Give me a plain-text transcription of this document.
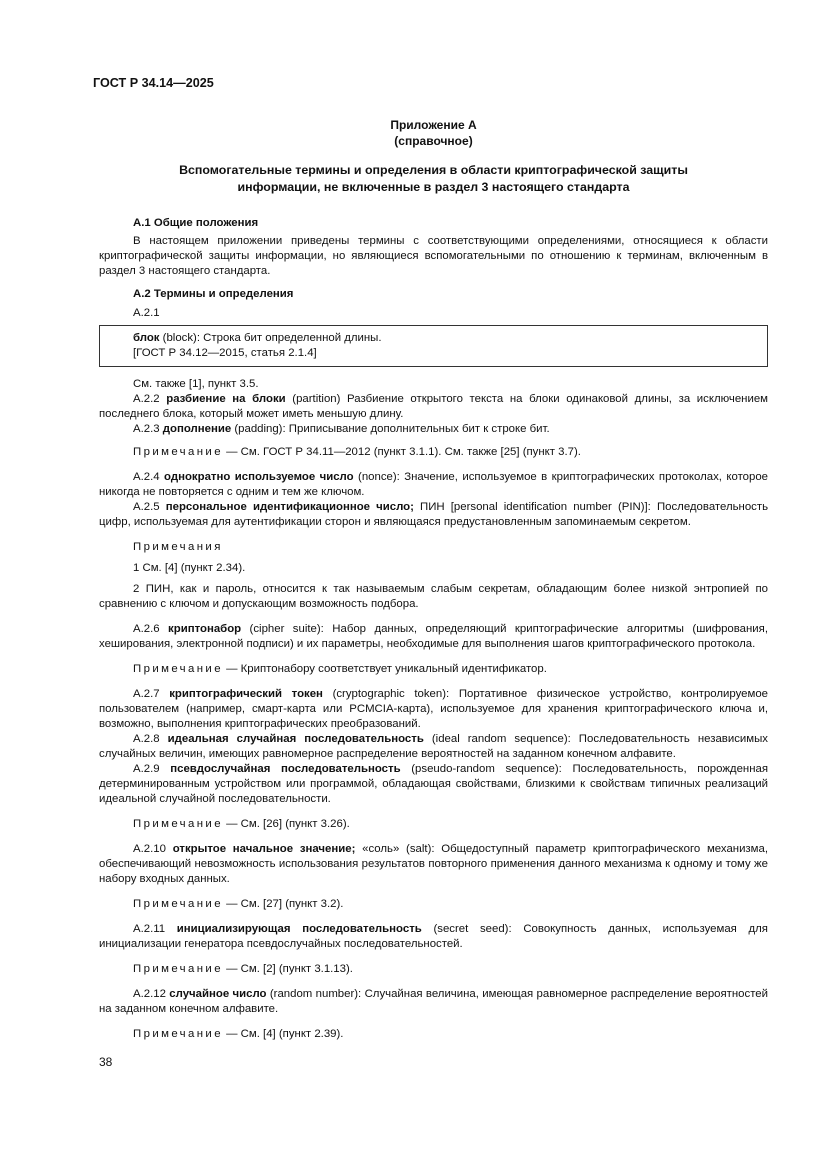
ГОСТ Р 34.14—2025
Приложение А
(справочное)
Вспомогательные термины и определения в области криптографической защиты
информации, не включенные в раздел 3 настоящего стандарта
А.1 Общие положения

В настоящем приложении приведены термины с соответствующими определениями, относящиеся к области криптографической защиты информации, но являющиеся вспомогательными по отношению к терминам, включенным в раздел 3 настоящего стандарта.

А.2 Термины и определения
А.2.1
блок (block): Строка бит определенной длины.
[ГОСТ Р 34.12—2015, статья 2.1.4]

См. также [1], пункт 3.5.

А.2.2 разбиение на блоки (partition) Разбиение открытого текста на блоки одинаковой длины, за исключением последнего блока, который может иметь меньшую длину.

А.2.3 дополнение (padding): Приписывание дополнительных бит к строке бит.

Примечание — См. ГОСТ Р 34.11—2012 (пункт 3.1.1). См. также [25] (пункт 3.7).

А.2.4 однократно используемое число (nonce): Значение, используемое в криптографических протоколах, которое никогда не повторяется с одним и тем же ключом.

А.2.5 персональное идентификационное число; ПИН [personal identification number (PIN)]: Последовательность цифр, используемая для аутентификации сторон и являющаяся предустановленным запоминаемым секретом.

Примечания

1 См. [4] (пункт 2.34).

2 ПИН, как и пароль, относится к так называемым слабым секретам, обладающим более низкой энтропией по сравнению с ключом и допускающим возможность подбора.

А.2.6 криптонабор (cipher suite): Набор данных, определяющий криптографические алгоритмы (шифрования, хеширования, электронной подписи) и их параметры, необходимые для выполнения шагов криптографического протокола.

Примечание — Криптонабору соответствует уникальный идентификатор.

А.2.7 криптографический токен (cryptographic token): Портативное физическое устройство, контролируемое пользователем (например, смарт-карта или PCMCIA-карта), используемое для хранения криптографического ключа и, возможно, выполнения криптографических преобразований.

А.2.8 идеальная случайная последовательность (ideal random sequence): Последовательность независимых случайных величин, имеющих равномерное распределение вероятностей на заданном конечном алфавите.

А.2.9 псевдослучайная последовательность (pseudo-random sequence): Последовательность, порожденная детерминированным устройством или программой, обладающая свойствами, близкими к свойствам типичных реализаций идеальной случайной последовательности.

Примечание — См. [26] (пункт 3.26).

А.2.10 открытое начальное значение; «соль» (salt): Общедоступный параметр криптографического механизма, обеспечивающий невозможность использования результатов повторного применения данного механизма к одному и тому же набору входных данных.

Примечание — См. [27] (пункт 3.2).

А.2.11 инициализирующая последовательность (secret seed): Совокупность данных, используемая для инициализации генератора псевдослучайных последовательностей.

Примечание — См. [2] (пункт 3.1.13).

А.2.12 случайное число (random number): Случайная величина, имеющая равномерное распределение вероятностей на заданном конечном алфавите.

Примечание — См. [4] (пункт 2.39).

38
